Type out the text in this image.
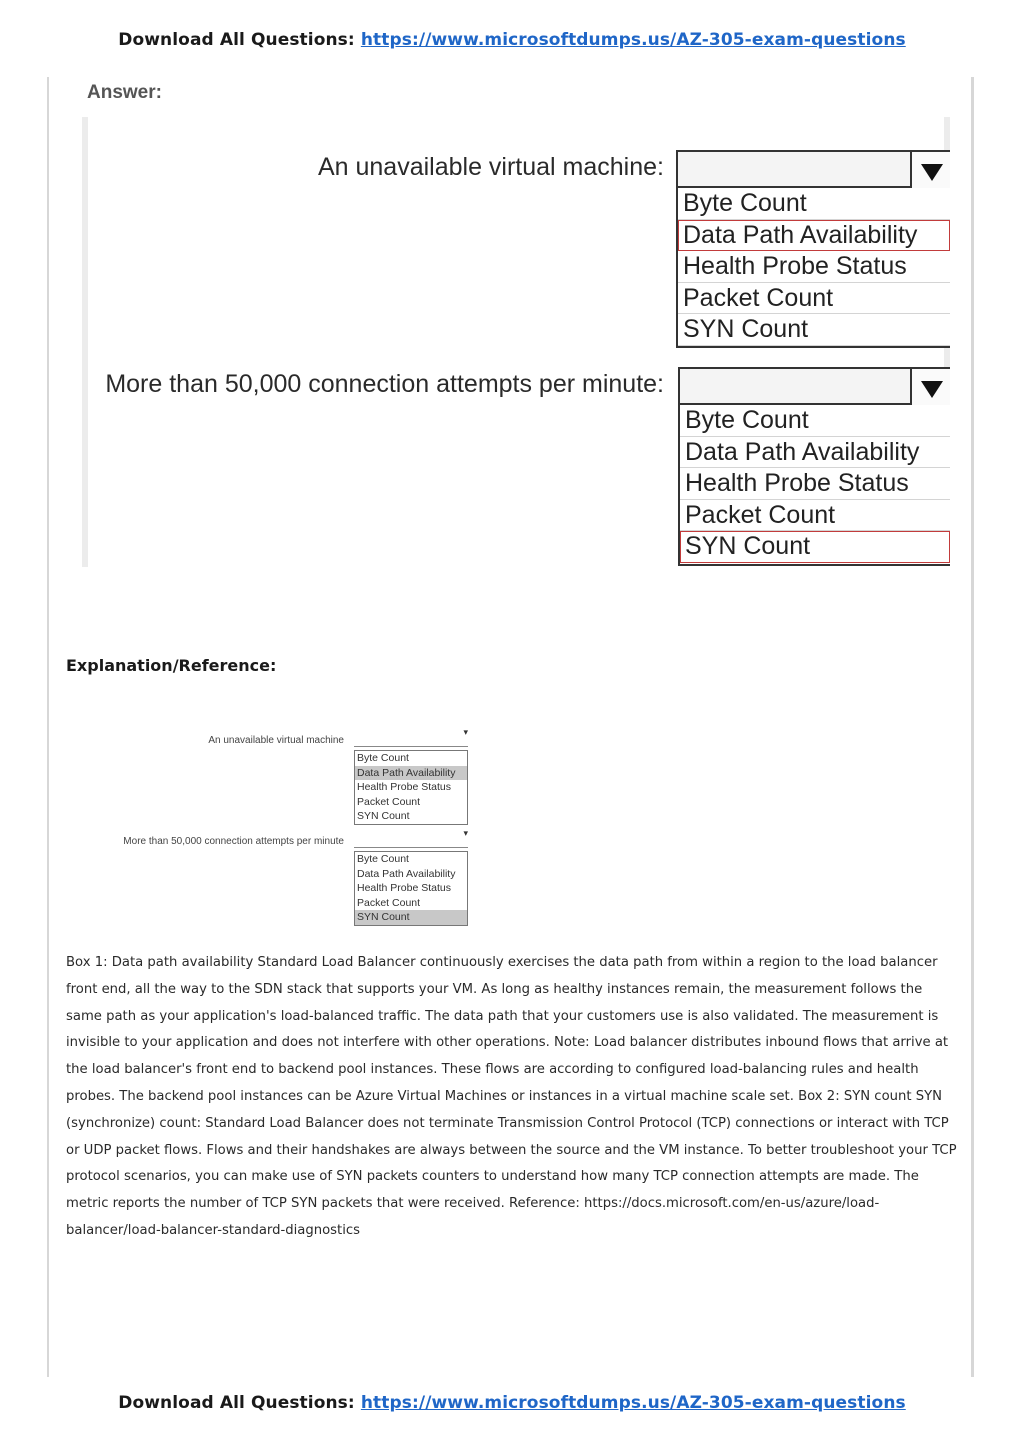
Download All Questions: https://www.microsoftdumps.us/AZ-305-exam-questions
Answer:
An unavailable virtual machine:
Byte Count
Data Path Availability
Health Probe Status
Packet Count
SYN Count
More than 50,000 connection attempts per minute:
Byte Count
Data Path Availability
Health Probe Status
Packet Count
SYN Count
Explanation/Reference:
An unavailable virtual machine
▾
Byte Count
Data Path Availability
Health Probe Status
Packet Count
SYN Count
More than 50,000 connection attempts per minute
▾
Byte Count
Data Path Availability
Health Probe Status
Packet Count
SYN Count
Box 1: Data path availability Standard Load Balancer continuously exercises the data path from within a region to the load balancer front end, all the way to the SDN stack that supports your VM. As long as healthy instances remain, the measurement follows the same path as your application's load-balanced traffic. The data path that your customers use is also validated. The measurement is invisible to your application and does not interfere with other operations. Note: Load balancer distributes inbound flows that arrive at the load balancer's front end to backend pool instances. These flows are according to configured load-balancing rules and health probes. The backend pool instances can be Azure Virtual Machines or instances in a virtual machine scale set. Box 2: SYN count SYN (synchronize) count: Standard Load Balancer does not terminate Transmission Control Protocol (TCP) connections or interact with TCP or UDP packet flows. Flows and their handshakes are always between the source and the VM instance. To better troubleshoot your TCP protocol scenarios, you can make use of SYN packets counters to understand how many TCP connection attempts are made. The metric reports the number of TCP SYN packets that were received. Reference: https://docs.microsoft.com/en-us/azure/load-balancer/load-balancer-standard-diagnostics
Download All Questions: https://www.microsoftdumps.us/AZ-305-exam-questions
